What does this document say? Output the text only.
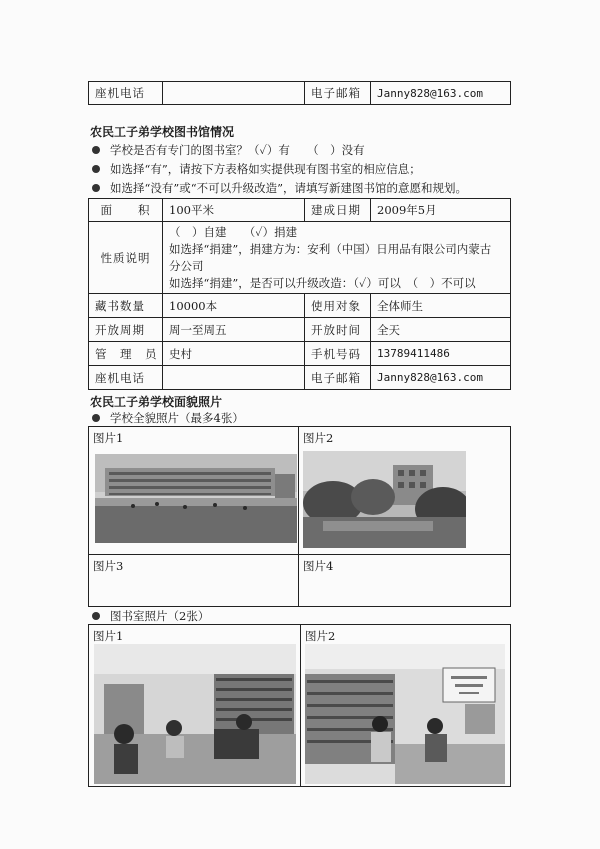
座机电话		电子邮箱	Janny828@163.com
农民工子弟学校图书馆情况
学校是否有专门的图书室？（✓）有　　（　）没有
如选择“有”，请按下方表格如实提供现有图书室的相应信息；
如选择“没有”或“不可以升级改造”，请填写新建图书馆的意愿和规划。
面　　积	100平米	建成日期	2009年5月
性质说明	（　）自建　　（✓）捐建
如选择“捐建”，捐建方为：安利（中国）日用品有限公司内蒙古
分公司
如选择“捐建”，是否可以升级改造：（✓）可以　（　）不可以		

藏书数量	10000本	使用对象	全体师生
开放周期	周一至周五	开放时间	全天
管　理　员	史村	手机号码	13789411486
座机电话		电子邮箱	Janny828@163.com
农民工子弟学校面貌照片
学校全貌照片（最多4张）
图片1	图片2

图片3	图片4
图书室照片（2张）
图片1	图片2
